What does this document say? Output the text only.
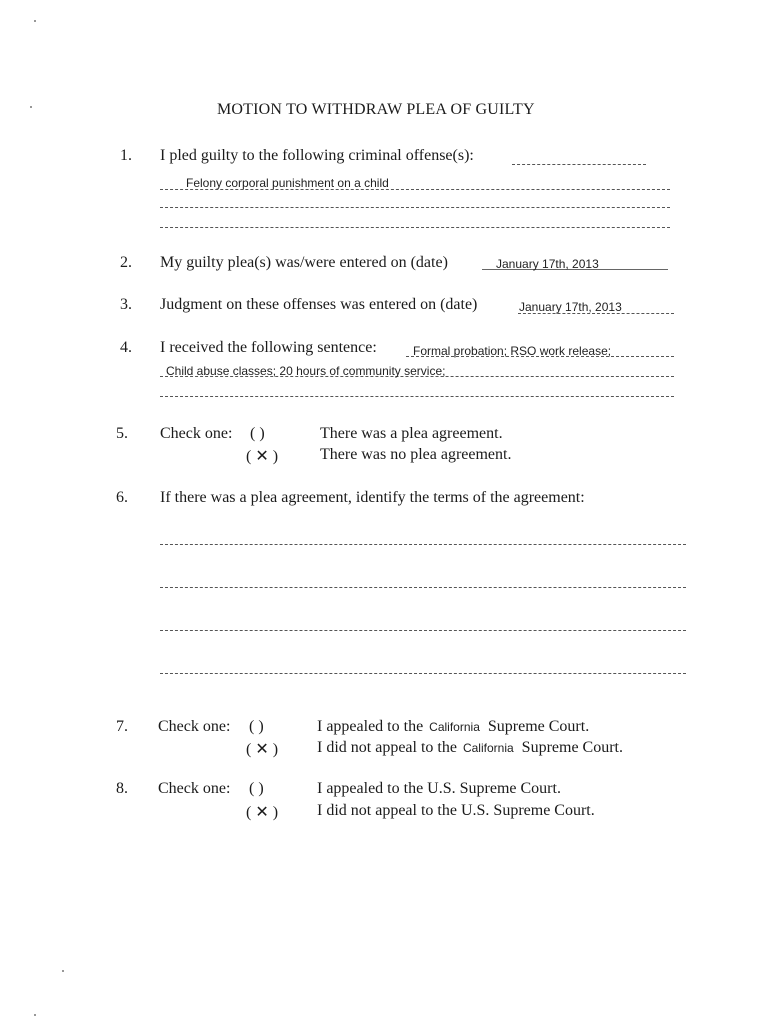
MOTION TO WITHDRAW PLEA OF GUILTY
1. I pled guilty to the following criminal offense(s):
Felony corporal punishment on a child
2. My guilty plea(s) was/were entered on (date)	January 17th, 2013
3. Judgment on these offenses was entered on (date)	January 17th, 2013
4. I received the following sentence:	Formal probation; RSO work release;
Child abuse classes; 20 hours of community service;
5. Check one: ( )	There was a plea agreement.
( ✕ )	There was no plea agreement.
6. If there was a plea agreement, identify the terms of the agreement:
7. Check one: ( )	I appealed to the California Supreme Court.
( ✕ ) I did not appeal to the California Supreme Court.
8. Check one: ( )	I appealed to the U.S. Supreme Court.
( ✕ ) I did not appeal to the U.S. Supreme Court.
